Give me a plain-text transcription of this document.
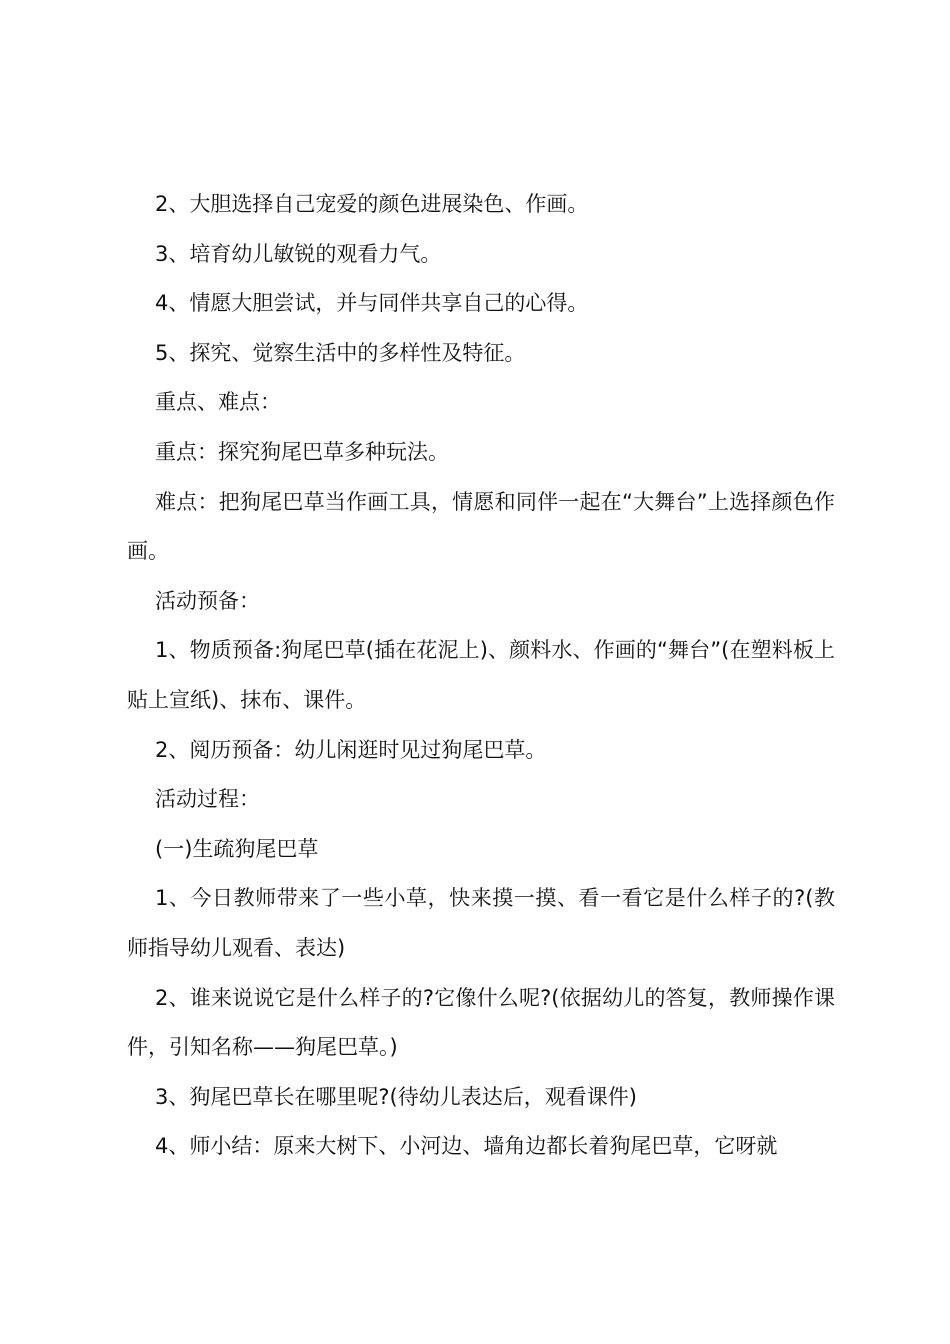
2、大胆选择自己宠爱的颜色进展染色、作画。

3、培育幼儿敏锐的观看力气。

4、情愿大胆尝试，并与同伴共享自己的心得。

5、探究、觉察生活中的多样性及特征。

重点、难点：

重点：探究狗尾巴草多种玩法。

难点：把狗尾巴草当作画工具，情愿和同伴一起在“大舞台”上选择颜色作画。

活动预备：

1、物质预备:狗尾巴草(插在花泥上)、颜料水、作画的“舞台”(在塑料板上贴上宣纸)、抹布、课件。

2、阅历预备：幼儿闲逛时见过狗尾巴草。

活动过程：

(一)生疏狗尾巴草

1、今日教师带来了一些小草，快来摸一摸、看一看它是什么样子的?(教师指导幼儿观看、表达)

2、谁来说说它是什么样子的?它像什么呢?(依据幼儿的答复，教师操作课件，引知名称——狗尾巴草。)

3、狗尾巴草长在哪里呢?(待幼儿表达后，观看课件)

4、师小结：原来大树下、小河边、墙角边都长着狗尾巴草，它呀就
